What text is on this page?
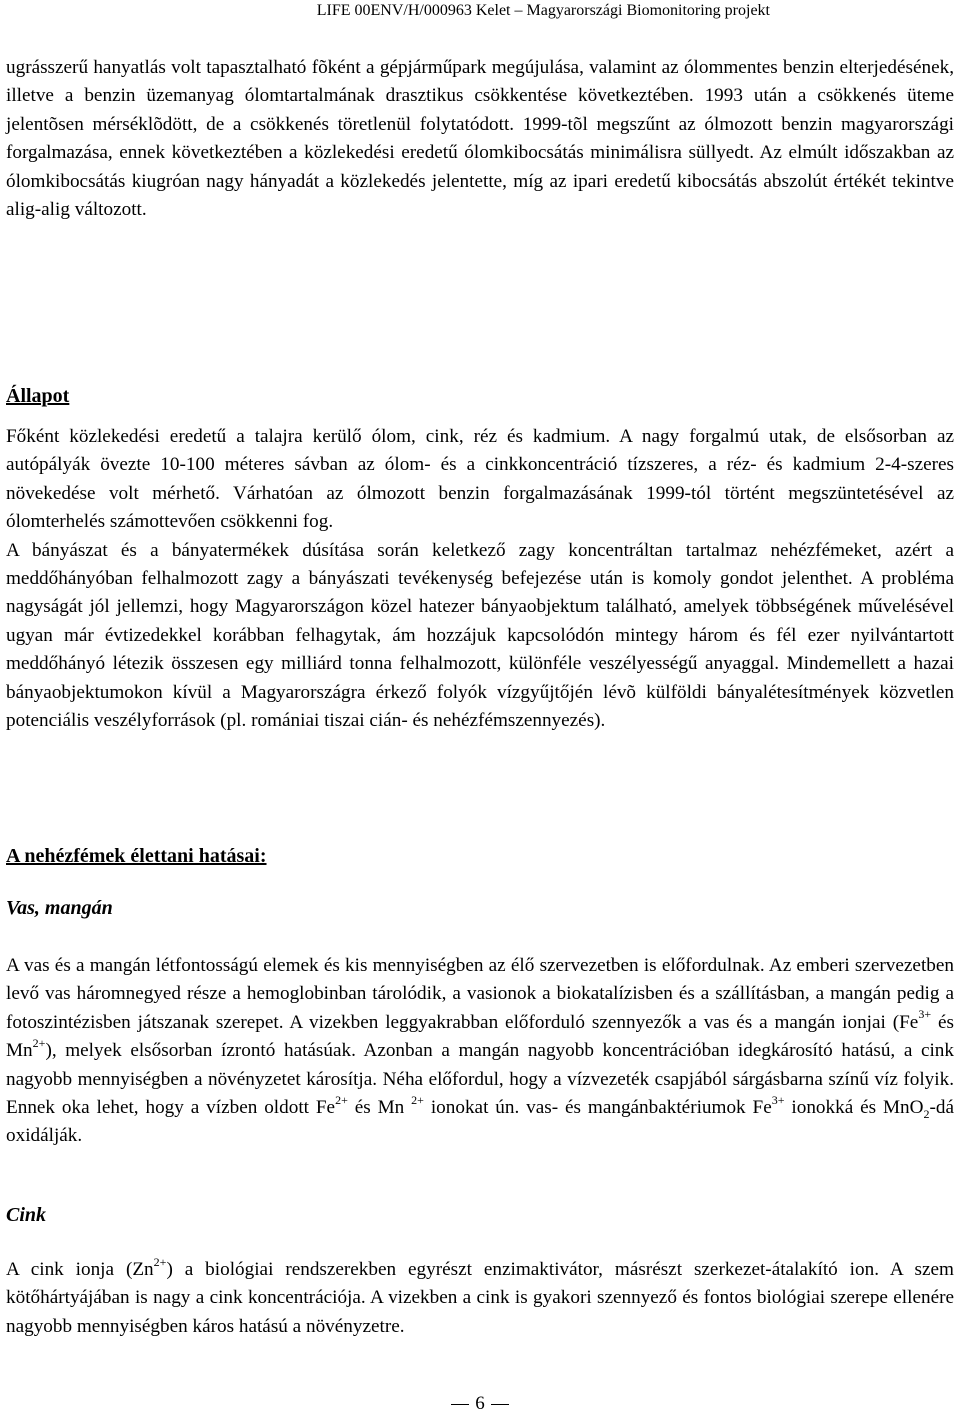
LIFE 00ENV/H/000963 Kelet – Magyarországi Biomonitoring projekt

ugrásszerű hanyatlás volt tapasztalható fõként a gépjárműpark megújulása, valamint az ólommentes benzin elterjedésének, illetve a benzin üzemanyag ólomtartalmának drasztikus csökkentése következtében. 1993 után a csökkenés üteme jelentõsen mérséklõdött, de a csökkenés töretlenül folytatódott. 1999-tõl megszűnt az ólmozott benzin magyarországi forgalmazása, ennek következtében a közlekedési eredetű ólomkibocsátás minimálisra süllyedt. Az elmúlt időszakban az ólomkibocsátás kiugróan nagy hányadát a közlekedés jelentette, míg az ipari eredetű kibocsátás abszolút értékét tekintve alig-alig változott.

Állapot

Főként közlekedési eredetű a talajra kerülő ólom, cink, réz és kadmium. A nagy forgalmú utak, de elsősorban az autópályák övezte 10-100 méteres sávban az ólom- és a cinkkoncentráció tízszeres, a réz- és kadmium 2-4-szeres növekedése volt mérhető. Várhatóan az ólmozott benzin forgalmazásának 1999-tól történt megszüntetésével az ólomterhelés számottevően csökkenni fog.

A bányászat és a bányatermékek dúsítása során keletkező zagy koncentráltan tartalmaz nehézfémeket, azért a meddőhányóban felhalmozott zagy a bányászati tevékenység befejezése után is komoly gondot jelenthet. A probléma nagyságát jól jellemzi, hogy Magyarországon közel hatezer bányaobjektum található, amelyek többségének művelésével ugyan már évtizedekkel korábban felhagytak, ám hozzájuk kapcsolódón mintegy három és fél ezer nyilvántartott meddőhányó létezik összesen egy milliárd tonna felhalmozott, különféle veszélyességű anyaggal. Mindemellett a hazai bányaobjektumokon kívül a Magyarországra érkező folyók vízgyűjtőjén lévõ külföldi bányalétesítmények közvetlen potenciális veszélyforrások (pl. romániai tiszai cián- és nehézfémszennyezés).

A nehézfémek élettani hatásai:
Vas, mangán

A vas és a mangán létfontosságú elemek és kis mennyiségben az élő szervezetben is előfordulnak. Az emberi szervezetben levő vas háromnegyed része a hemoglobinban tárolódik, a vasionok a biokatalízisben és a szállításban, a mangán pedig a fotoszintézisben játszanak szerepet. A vizekben leggyakrabban előforduló szennyezők a vas és a mangán ionjai ($Fe^{3+}$ és $Mn^{2+}$), melyek elsősorban ízrontó hatásúak. Azonban a mangán nagyobb koncentrációban idegkárosító hatású, a cink nagyobb mennyiségben a növényzetet károsítja. Néha előfordul, hogy a vízvezeték csapjából sárgásbarna színű víz folyik. Ennek oka lehet, hogy a vízben oldott $Fe^{2+}$ és Mn $^{2+}$ ionokat ún. vas- és mangánbaktériumok $Fe^{3+}$ ionokká és MnO$_2$-dá oxidálják.

Cink

A cink ionja $(Zn^{2+})$ a biológiai rendszerekben egyrészt enzimaktivátor, másrészt szerkezet-átalakító ion. A szem kötőhártyájában is nagy a cink koncentrációja. A vizekben a cink is gyakori szennyező és fontos biológiai szerepe ellenére nagyobb mennyiségben káros hatású a növényzetre.

6
